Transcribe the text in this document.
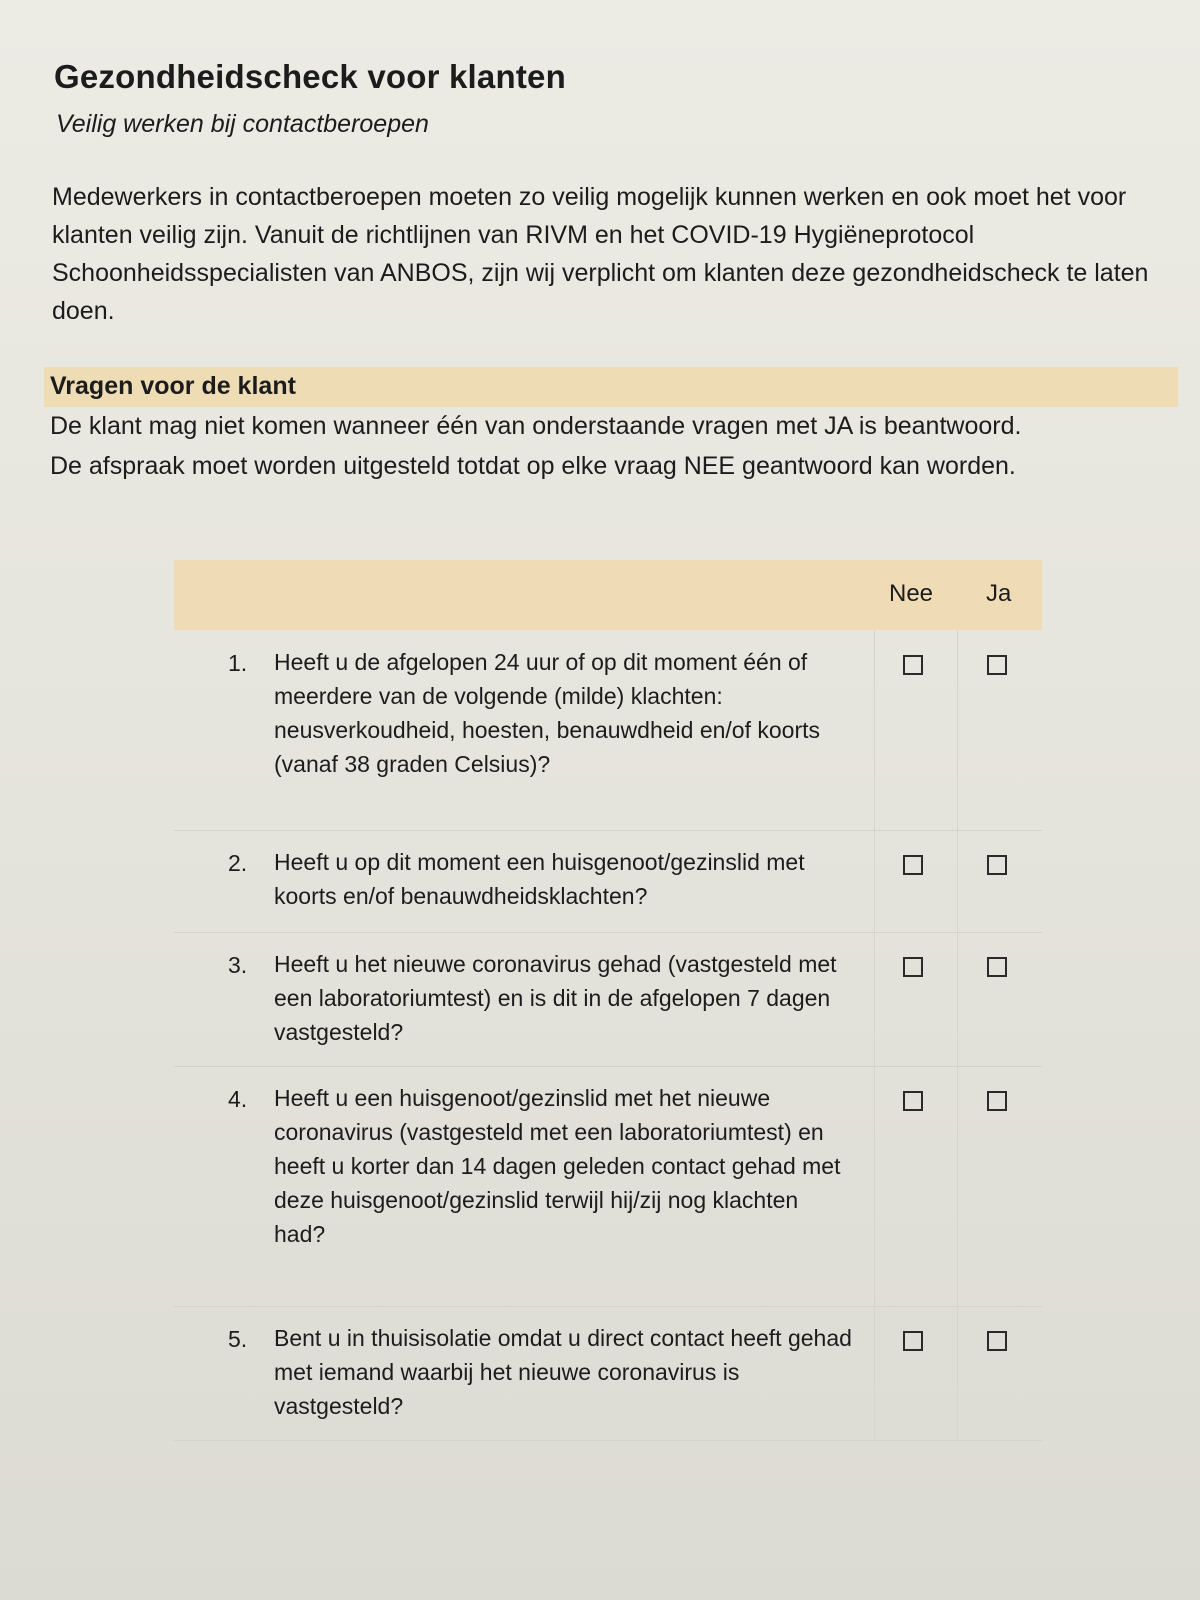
Gezondheidscheck voor klanten
Veilig werken bij contactberoepen
Medewerkers in contactberoepen moeten zo veilig mogelijk kunnen werken en ook moet het voor klanten veilig zijn. Vanuit de richtlijnen van RIVM en het COVID-19 Hygiëneprotocol Schoonheidsspecialisten van ANBOS, zijn wij verplicht om klanten deze gezondheidscheck te laten doen.
Vragen voor de klant
De klant mag niet komen wanneer één van onderstaande vragen met JA is beantwoord.
De afspraak moet worden uitgesteld totdat op elke vraag NEE geantwoord kan worden.
Nee Ja
1. Heeft u de afgelopen 24 uur of op dit moment één of meerdere van de volgende (milde) klachten: neusverkoudheid, hoesten, benauwdheid en/of koorts (vanaf 38 graden Celsius)?
2. Heeft u op dit moment een huisgenoot/gezinslid met koorts en/of benauwdheidsklachten?
3. Heeft u het nieuwe coronavirus gehad (vastgesteld met een laboratoriumtest) en is dit in de afgelopen 7 dagen vastgesteld?
4. Heeft u een huisgenoot/gezinslid met het nieuwe coronavirus (vastgesteld met een laboratoriumtest) en heeft u korter dan 14 dagen geleden contact gehad met deze huisgenoot/gezinslid terwijl hij/zij nog klachten had?
5. Bent u in thuisisolatie omdat u direct contact heeft gehad met iemand waarbij het nieuwe coronavirus is vastgesteld?
